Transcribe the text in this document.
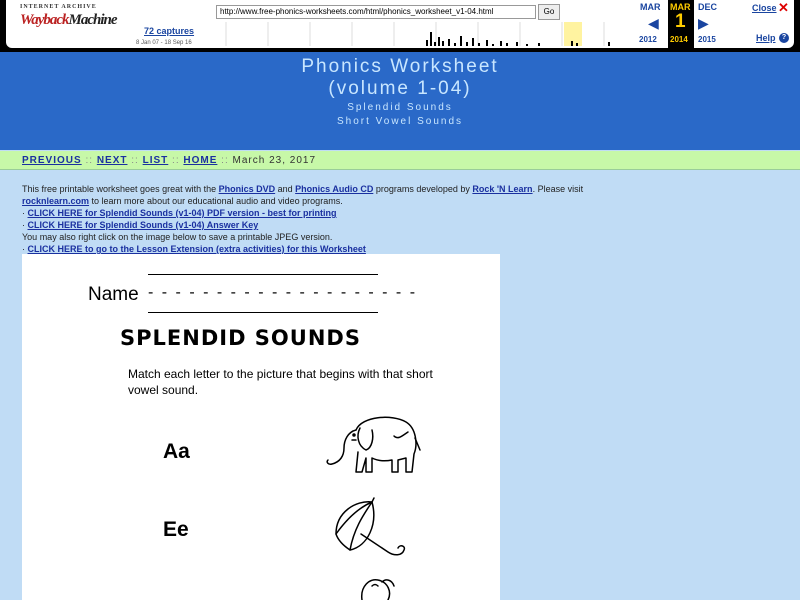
INTERNET ARCHIVE
WaybackMachine
http://www.free-phonics-worksheets.com/html/phonics_worksheet_v1-04.html	Go
72 captures
8 Jan 07 - 18 Sep 16
MAR
◀
2012
MAR
1
2014
DEC
▶
2015
Close ✕
Help ?
Phonics Worksheet
(volume 1-04)
Splendid Sounds
Short Vowel Sounds
PREVIOUS :: NEXT :: LIST :: HOME :: March 23, 2017
This free printable worksheet goes great with the Phonics DVD and Phonics Audio CD programs developed by Rock 'N Learn. Please visit
rocknlearn.com to learn more about our educational audio and video programs.
· CLICK HERE for Splendid Sounds (v1-04) PDF version - best for printing
· CLICK HERE for Splendid Sounds (v1-04) Answer Key
You may also right click on the image below to save a printable JPEG version.
· CLICK HERE to go to the Lesson Extension (extra activities) for this Worksheet
Name - - - - - - - - - - - - - - - - - - - -
SPLENDID SOUNDS
Match each letter to the picture that begins with that short vowel sound.
Aa
Ee
